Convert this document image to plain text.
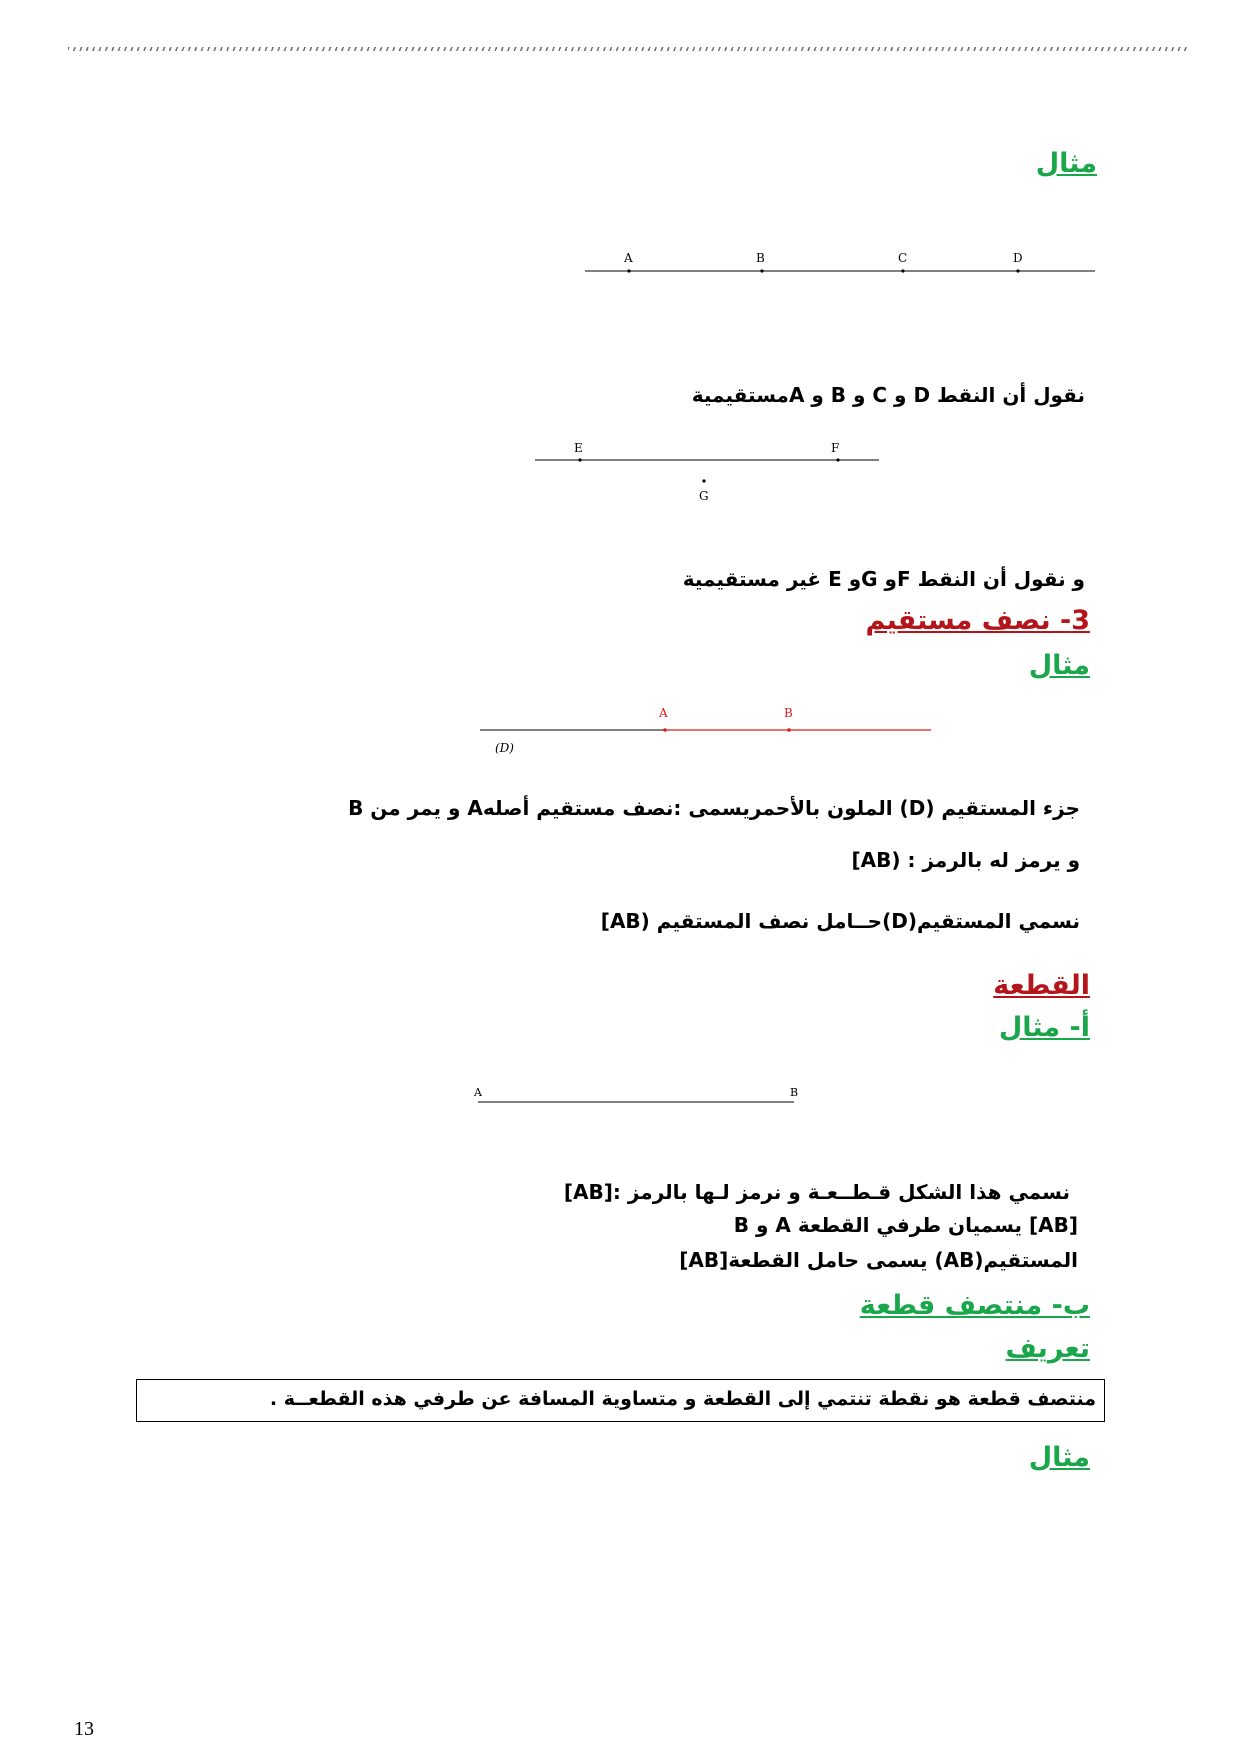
مثال
A	B	C	D
نقول أن النقط D و C و B و Aمستقيمية
E	F
G
و نقول أن النقط Fو Gو E غير مستقيمية
3- نصف مستقيم
مثال
A	B
(D)
جزء المستقيم (D) الملون بالأحمريسمى :نصف مستقيم أصلهA و يمر من B
و يرمز له بالرمز : (AB]
نسمي المستقيم(D)حــامل نصف المستقيم (AB]
القطعة
أ- مثال
A	B
نسمي هذا الشكل قـطــعـة و نرمز لـها بالرمز :[AB]
B و A يسميان طرفي القطعة [AB]
المستقيم(AB) يسمى حامل القطعة[AB]
ب- منتصف قطعة
تعريف
منتصف قطعة هو نقطة تنتمي إلى القطعة و متساوية المسافة عن طرفي هذه القطعــة .
مثال
13
